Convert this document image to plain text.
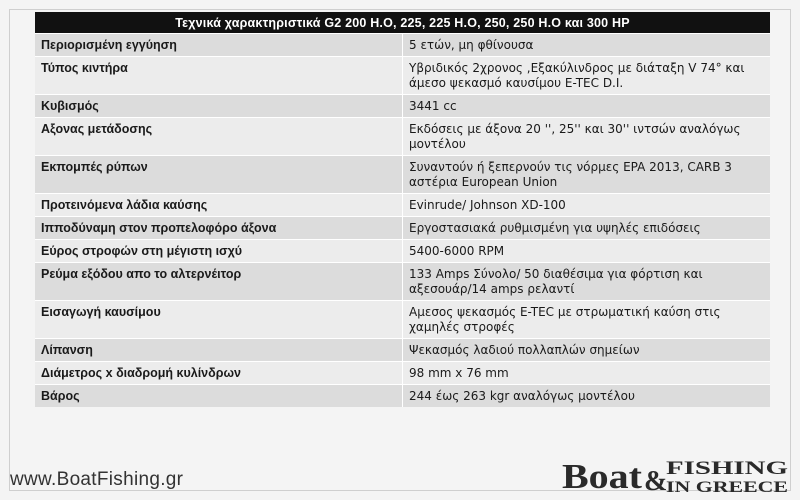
Τεχνικά χαρακτηριστικά G2 200 H.O, 225, 225 H.O, 250, 250 H.O και 300 HP	
Περιορισμένη εγγύηση	5 ετών, μη φθίνουσα
Τύπος κιντήρα	Υβριδικός 2χρονος ,Εξακύλινδρος με διάταξη V 74° και άμεσο ψεκασμό καυσίμου E-TEC D.I.
Κυβισμός	3441 cc
Αξονας μετάδοσης	Εκδόσεις με άξονα 20 '', 25'' και 30'' ιντσών αναλόγως μοντέλου
Εκπομπές ρύπων	Συναντούν ή ξεπερνούν τις νόρμες EPA 2013, CARB 3 αστέρια European Union
Προτεινόμενα λάδια καύσης	Evinrude/ Johnson XD-100
Ιπποδύναμη στον προπελοφόρο άξονα	Εργοστασιακά ρυθμισμένη για υψηλές επιδόσεις
Εύρος στροφών στη μέγιστη ισχύ	5400-6000 RPM
Ρεύμα εξόδου απο το αλτερνέιτορ	133 Amps Σύνολο/ 50 διαθέσιμα για φόρτιση και αξεσουάρ/14 amps ρελαντί
Εισαγωγή καυσίμου	Αμεσος ψεκασμός E-TEC με στρωματική καύση στις χαμηλές στροφές
Λίπανση	Ψεκασμός λαδιού πολλαπλών σημείων
Διάμετρος x διαδρομή κυλίνδρων	98 mm x 76 mm
Βάρος	244 έως 263 kgr αναλόγως μοντέλου
www.BoatFishing.gr	Boat &
FISHING
IN GREECE
